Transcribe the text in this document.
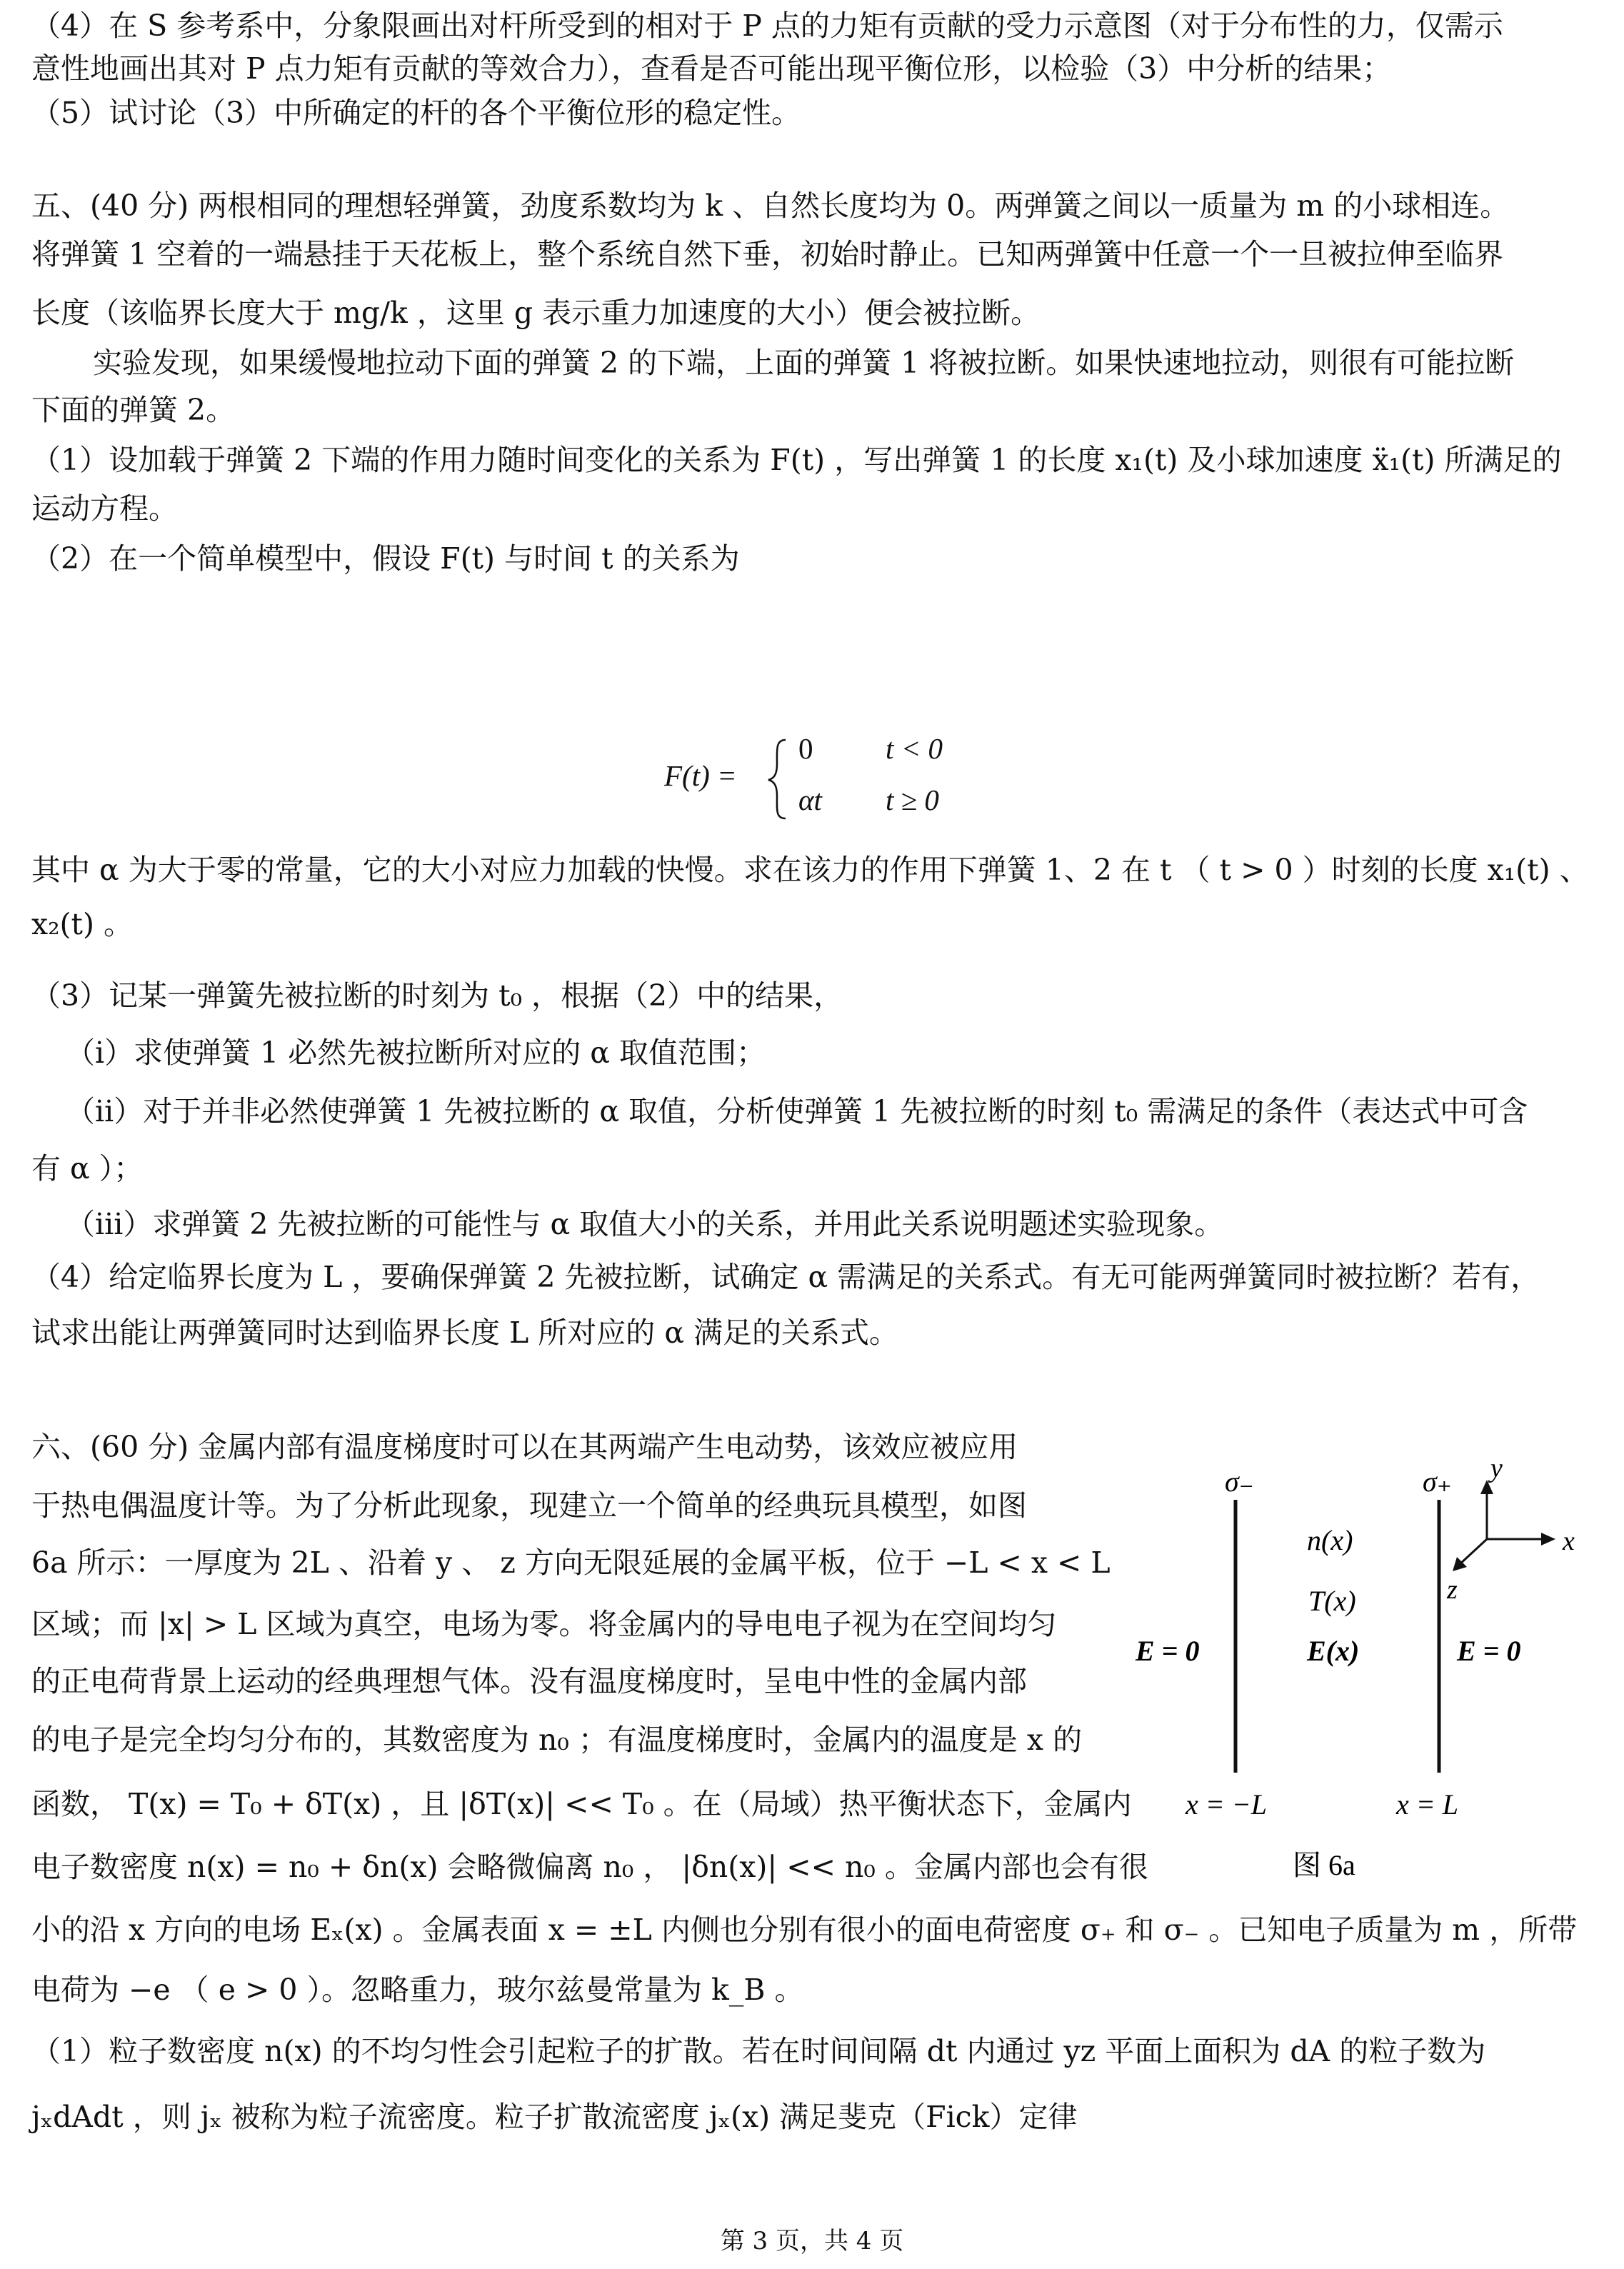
（4）在 S 参考系中，分象限画出对杆所受到的相对于 P 点的力矩有贡献的受力示意图（对于分布性的力，仅需示
意性地画出其对 P 点力矩有贡献的等效合力），查看是否可能出现平衡位形，以检验（3）中分析的结果；
（5）试讨论（3）中所确定的杆的各个平衡位形的稳定性。
五、(40 分) 两根相同的理想轻弹簧，劲度系数均为 k 、自然长度均为 0。两弹簧之间以一质量为 m 的小球相连。
将弹簧 1 空着的一端悬挂于天花板上，整个系统自然下垂，初始时静止。已知两弹簧中任意一个一旦被拉伸至临界
长度（该临界长度大于 mg/k ，这里 g 表示重力加速度的大小）便会被拉断。
实验发现，如果缓慢地拉动下面的弹簧 2 的下端，上面的弹簧 1 将被拉断。如果快速地拉动，则很有可能拉断
下面的弹簧 2。
（1）设加载于弹簧 2 下端的作用力随时间变化的关系为 F(t) ，写出弹簧 1 的长度 x₁(t) 及小球加速度 ẍ₁(t) 所满足的
运动方程。
（2）在一个简单模型中，假设 F(t) 与时间 t 的关系为
F(t) =
0 t < 0
αt t ≥ 0
其中 α 为大于零的常量，它的大小对应力加载的快慢。求在该力的作用下弹簧 1、2 在 t （ t > 0 ）时刻的长度 x₁(t) 、
x₂(t) 。
（3）记某一弹簧先被拉断的时刻为 t₀ ，根据（2）中的结果，
（i）求使弹簧 1 必然先被拉断所对应的 α 取值范围；
（ii）对于并非必然使弹簧 1 先被拉断的 α 取值，分析使弹簧 1 先被拉断的时刻 t₀ 需满足的条件（表达式中可含
有 α ）；
（iii）求弹簧 2 先被拉断的可能性与 α 取值大小的关系，并用此关系说明题述实验现象。
（4）给定临界长度为 L ，要确保弹簧 2 先被拉断，试确定 α 需满足的关系式。有无可能两弹簧同时被拉断？若有，
试求出能让两弹簧同时达到临界长度 L 所对应的 α 满足的关系式。
六、(60 分) 金属内部有温度梯度时可以在其两端产生电动势，该效应被应用
于热电偶温度计等。为了分析此现象，现建立一个简单的经典玩具模型，如图
6a 所示：一厚度为 2L 、沿着 y 、 z 方向无限延展的金属平板，位于 −L < x < L
区域；而 |x| > L 区域为真空，电场为零。将金属内的导电电子视为在空间均匀
的正电荷背景上运动的经典理想气体。没有温度梯度时，呈电中性的金属内部
的电子是完全均匀分布的，其数密度为 n₀ ；有温度梯度时，金属内的温度是 x 的
函数， T(x) = T₀ + δT(x) ，且 |δT(x)| << T₀ 。在（局域）热平衡状态下，金属内
电子数密度 n(x) = n₀ + δn(x) 会略微偏离 n₀ ， |δn(x)| << n₀ 。金属内部也会有很
小的沿 x 方向的电场 Eₓ(x) 。金属表面 x = ±L 内侧也分别有很小的面电荷密度 σ₊ 和 σ₋ 。已知电子质量为 m ，所带
电荷为 −e （ e > 0 ）。忽略重力，玻尔兹曼常量为 k_B 。
（1）粒子数密度 n(x) 的不均匀性会引起粒子的扩散。若在时间间隔 dt 内通过 yz 平面上面积为 dA 的粒子数为
jₓdAdt ，则 jₓ 被称为粒子流密度。粒子扩散流密度 jₓ(x) 满足斐克（Fick）定律
σ₋	σ₊
n(x)
T(x)
E(x)
E = 0	E = 0
x = −L	x = L
图 6a
y
x
z
第 3 页，共 4 页
